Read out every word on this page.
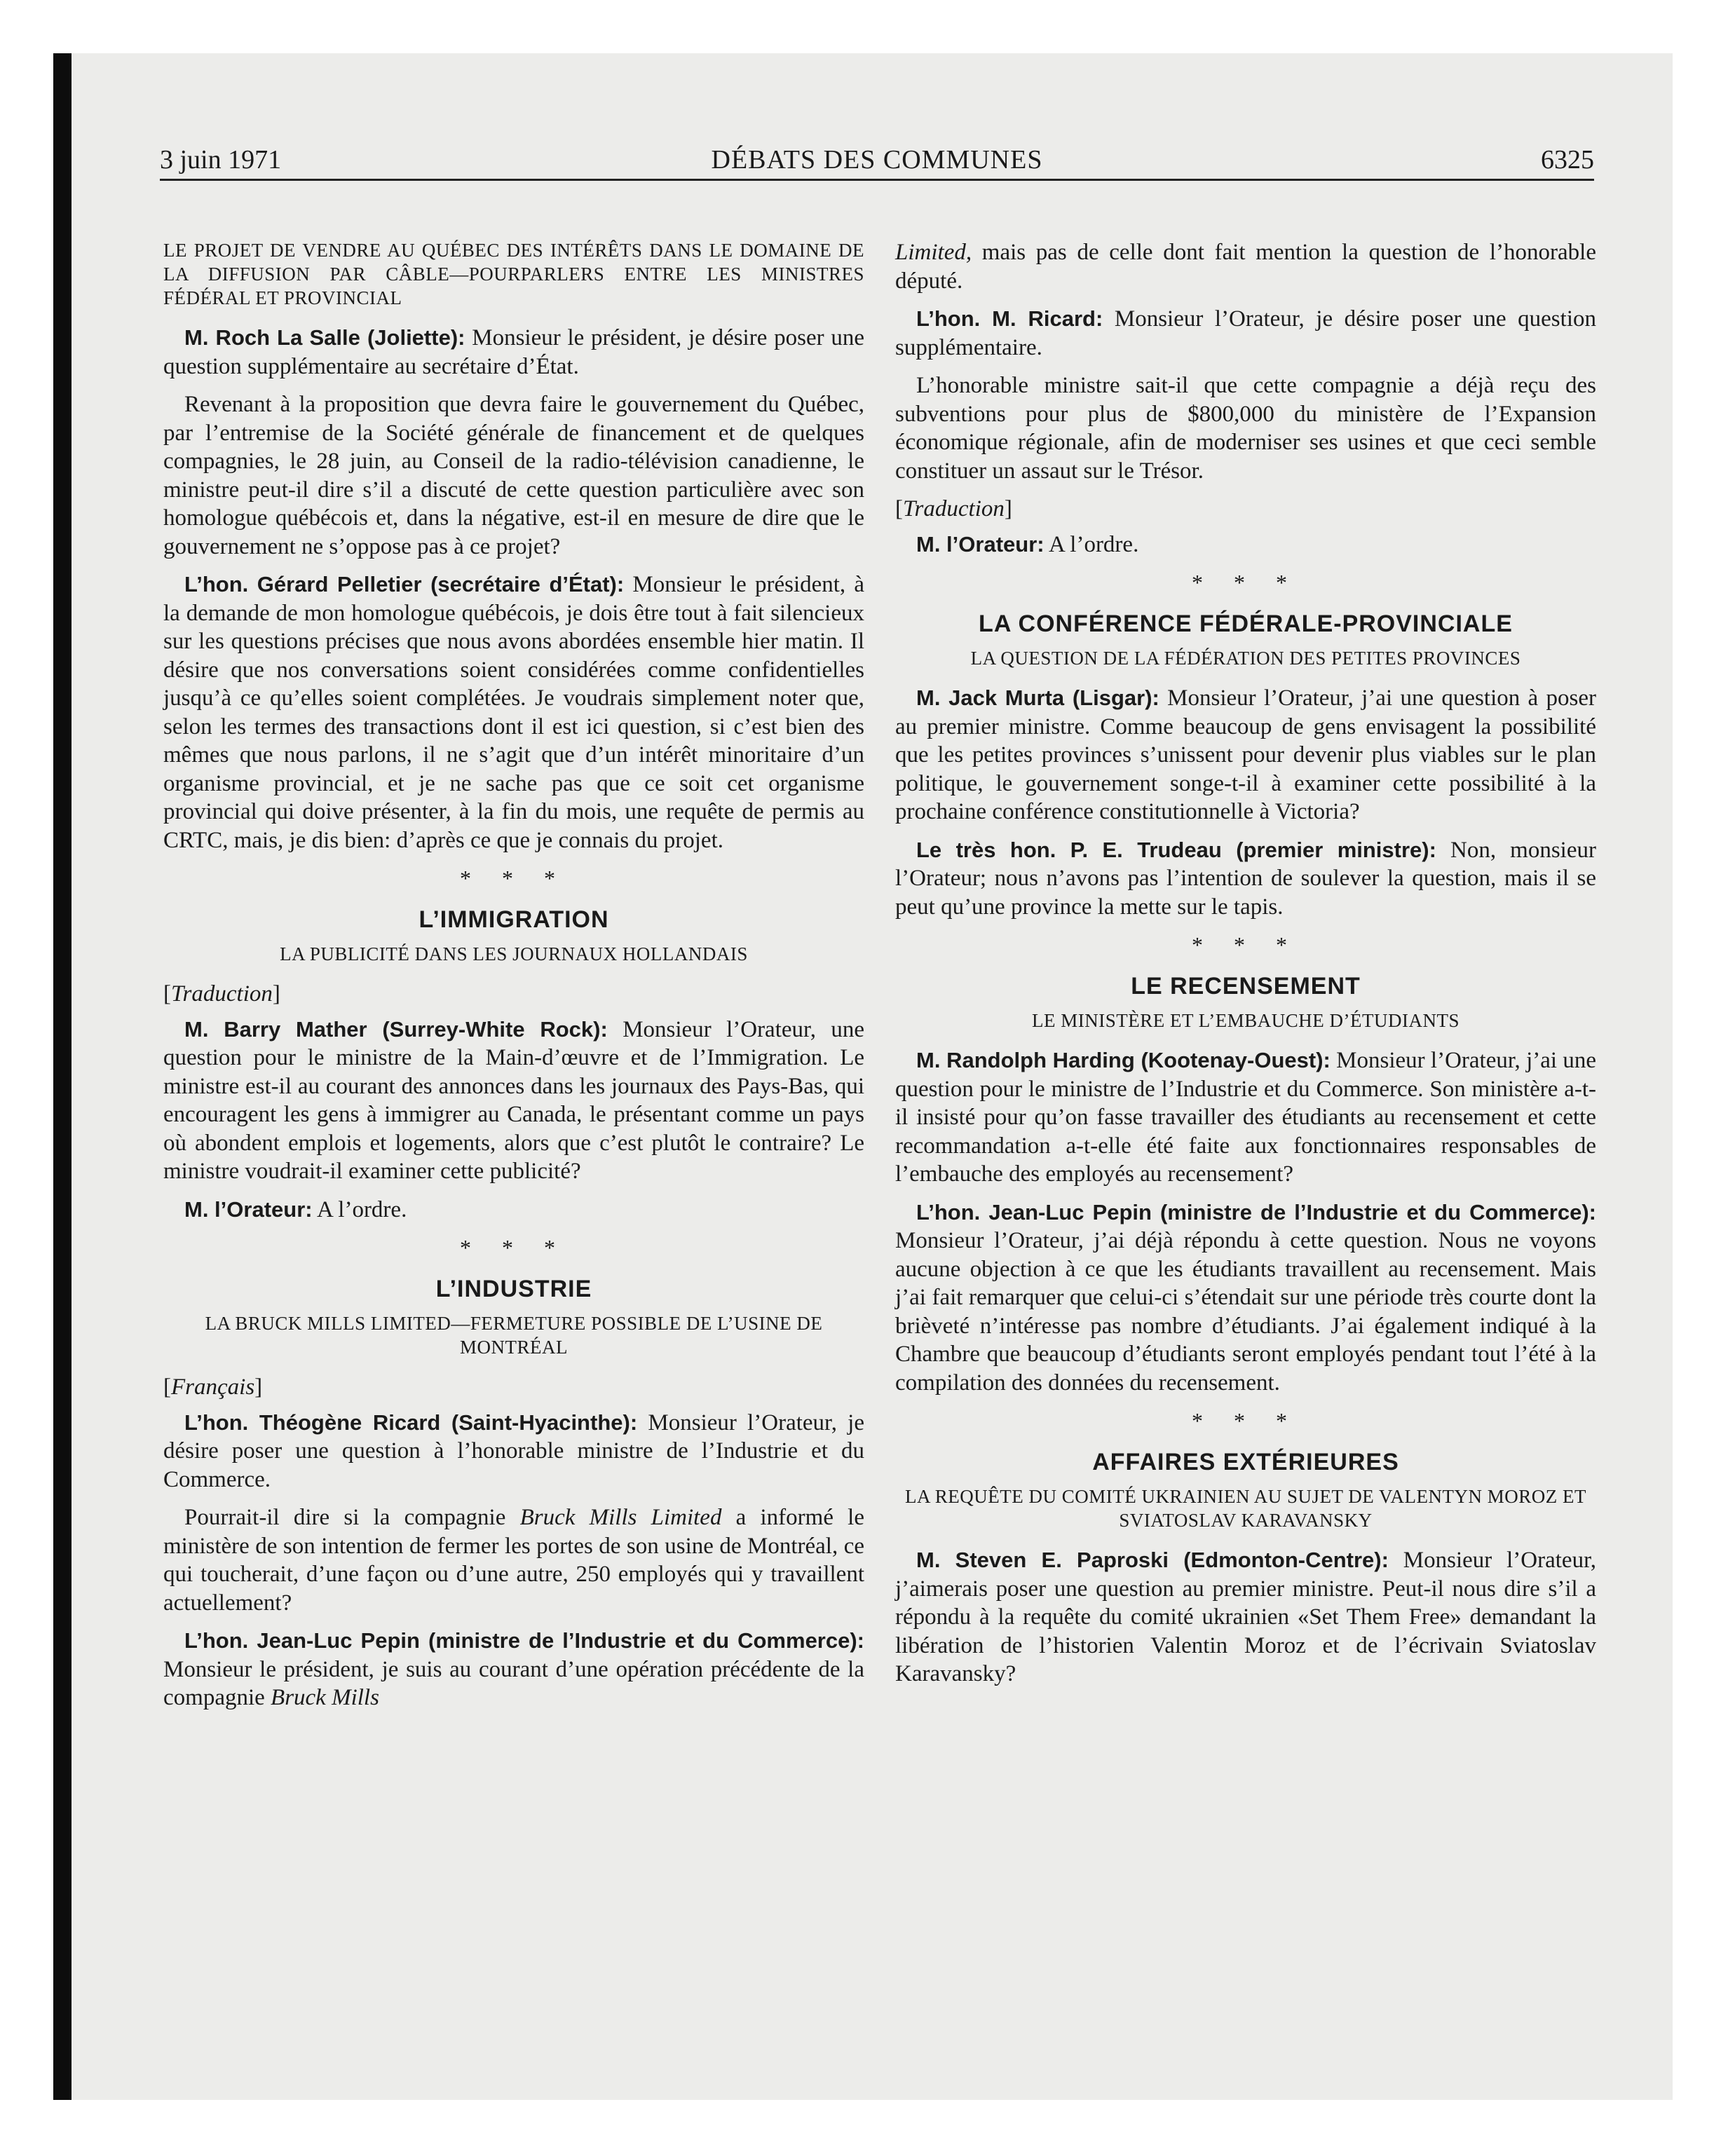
3 juin 1971	DÉBATS DES COMMUNES	6325
LE PROJET DE VENDRE AU QUÉBEC DES INTÉRÊTS DANS LE DOMAINE DE LA DIFFUSION PAR CÂBLE—POURPARLERS ENTRE LES MINISTRES FÉDÉRAL ET PROVINCIAL

M. Roch La Salle (Joliette): Monsieur le président, je désire poser une question supplémentaire au secrétaire d’État.

Revenant à la proposition que devra faire le gouvernement du Québec, par l’entremise de la Société générale de financement et de quelques compagnies, le 28 juin, au Conseil de la radio-télévision canadienne, le ministre peut-il dire s’il a discuté de cette question particulière avec son homologue québécois et, dans la négative, est-il en mesure de dire que le gouvernement ne s’oppose pas à ce projet?

L’hon. Gérard Pelletier (secrétaire d’État): Monsieur le président, à la demande de mon homologue québécois, je dois être tout à fait silencieux sur les questions précises que nous avons abordées ensemble hier matin. Il désire que nos conversations soient considérées comme confidentielles jusqu’à ce qu’elles soient complétées. Je voudrais simplement noter que, selon les termes des transactions dont il est ici question, si c’est bien des mêmes que nous parlons, il ne s’agit que d’un intérêt minoritaire d’un organisme provincial, et je ne sache pas que ce soit cet organisme provincial qui doive présenter, à la fin du mois, une requête de permis au CRTC, mais, je dis bien: d’après ce que je connais du projet.

* * *
L’IMMIGRATION
LA PUBLICITÉ DANS LES JOURNAUX HOLLANDAIS
[Traduction]

M. Barry Mather (Surrey-White Rock): Monsieur l’Orateur, une question pour le ministre de la Main-d’œuvre et de l’Immigration. Le ministre est-il au courant des annonces dans les journaux des Pays-Bas, qui encouragent les gens à immigrer au Canada, le présentant comme un pays où abondent emplois et logements, alors que c’est plutôt le contraire? Le ministre voudrait-il examiner cette publicité?

M. l’Orateur: A l’ordre.

* * *
L’INDUSTRIE
LA BRUCK MILLS LIMITED—FERMETURE POSSIBLE DE L’USINE DE MONTRÉAL
[Français]

L’hon. Théogène Ricard (Saint-Hyacinthe): Monsieur l’Orateur, je désire poser une question à l’honorable ministre de l’Industrie et du Commerce.

Pourrait-il dire si la compagnie Bruck Mills Limited a informé le ministère de son intention de fermer les portes de son usine de Montréal, ce qui toucherait, d’une façon ou d’une autre, 250 employés qui y travaillent actuellement?

L’hon. Jean-Luc Pepin (ministre de l’Industrie et du Commerce): Monsieur le président, je suis au courant d’une opération précédente de la compagnie Bruck Mills

Limited, mais pas de celle dont fait mention la question de l’honorable député.

L’hon. M. Ricard: Monsieur l’Orateur, je désire poser une question supplémentaire.

L’honorable ministre sait-il que cette compagnie a déjà reçu des subventions pour plus de $800,000 du ministère de l’Expansion économique régionale, afin de moderniser ses usines et que ceci semble constituer un assaut sur le Trésor.

[Traduction]

M. l’Orateur: A l’ordre.

* * *
LA CONFÉRENCE FÉDÉRALE-PROVINCIALE
LA QUESTION DE LA FÉDÉRATION DES PETITES PROVINCES

M. Jack Murta (Lisgar): Monsieur l’Orateur, j’ai une question à poser au premier ministre. Comme beaucoup de gens envisagent la possibilité que les petites provinces s’unissent pour devenir plus viables sur le plan politique, le gouvernement songe-t-il à examiner cette possibilité à la prochaine conférence constitutionnelle à Victoria?

Le très hon. P. E. Trudeau (premier ministre): Non, monsieur l’Orateur; nous n’avons pas l’intention de soulever la question, mais il se peut qu’une province la mette sur le tapis.

* * *
LE RECENSEMENT
LE MINISTÈRE ET L’EMBAUCHE D’ÉTUDIANTS

M. Randolph Harding (Kootenay-Ouest): Monsieur l’Orateur, j’ai une question pour le ministre de l’Industrie et du Commerce. Son ministère a-t-il insisté pour qu’on fasse travailler des étudiants au recensement et cette recommandation a-t-elle été faite aux fonctionnaires responsables de l’embauche des employés au recensement?

L’hon. Jean-Luc Pepin (ministre de l’Industrie et du Commerce): Monsieur l’Orateur, j’ai déjà répondu à cette question. Nous ne voyons aucune objection à ce que les étudiants travaillent au recensement. Mais j’ai fait remarquer que celui-ci s’étendait sur une période très courte dont la brièveté n’intéresse pas nombre d’étudiants. J’ai également indiqué à la Chambre que beaucoup d’étudiants seront employés pendant tout l’été à la compilation des données du recensement.

* * *
AFFAIRES EXTÉRIEURES
LA REQUÊTE DU COMITÉ UKRAINIEN AU SUJET DE VALENTYN MOROZ ET SVIATOSLAV KARAVANSKY

M. Steven E. Paproski (Edmonton-Centre): Monsieur l’Orateur, j’aimerais poser une question au premier ministre. Peut-il nous dire s’il a répondu à la requête du comité ukrainien «Set Them Free» demandant la libération de l’historien Valentin Moroz et de l’écrivain Sviatoslav Karavansky?
